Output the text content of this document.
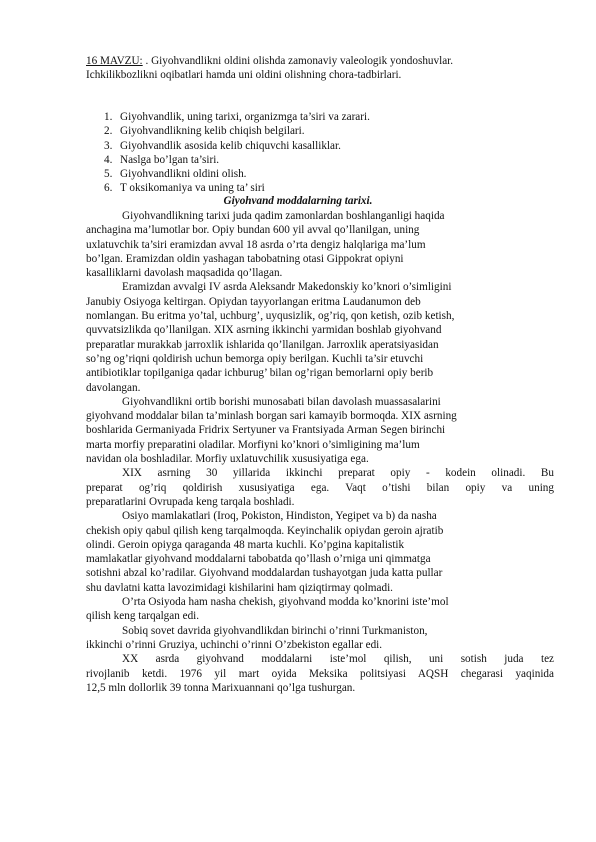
16 MAVZU: . Giyohvandlikni oldini olishda zamonaviy valeologik yondoshuvlar.
Ichkilikbozlikni oqibatlari hamda uni oldini olishning chora-tadbirlari.
1. Giyohvandlik, uning tarixi, organizmga ta’siri va zarari.
2. Giyohvandlikning kelib chiqish belgilari.
3. Giyohvandlik asosida kelib chiquvchi kasalliklar.
4. Naslga bo’lgan ta’siri.
5. Giyohvandlikni oldini olish.
6. T oksikomaniya va uning ta’ siri
Giyohvand moddalarning tarixi.
Giyohvandlikning tarixi juda qadim zamonlardan boshlanganligi haqida
anchagina ma’lumotlar bor. Opiy bundan 600 yil avval qo’llanilgan, uning
uxlatuvchik ta’siri eramizdan avval 18 asrda o’rta dengiz halqlariga ma’lum
bo’lgan. Eramizdan oldin yashagan tabobatning otasi Gippokrat opiyni
kasalliklarni davolash maqsadida qo’llagan.
Eramizdan avvalgi IV asrda Aleksandr Makedonskiy ko’knori o’simligini
Janubiy Osiyoga keltirgan. Opiydan tayyorlangan eritma Laudanumon deb
nomlangan. Bu eritma yo’tal, uchburg’, uyqusizlik, og’riq, qon ketish, ozib ketish,
quvvatsizlikda qo’llanilgan. XIX asrning ikkinchi yarmidan boshlab giyohvand
preparatlar murakkab jarroxlik ishlarida qo’llanilgan. Jarroxlik aperatsiyasidan
so’ng og’riqni qoldirish uchun bemorga opiy berilgan. Kuchli ta’sir etuvchi
antibiotiklar topilganiga qadar ichburug’ bilan og’rigan bemorlarni opiy berib
davolangan.
Giyohvandlikni ortib borishi munosabati bilan davolash muassasalarini
giyohvand moddalar bilan ta’minlash borgan sari kamayib bormoqda. XIX asrning
boshlarida Germaniyada Fridrix Sertyuner va Frantsiyada Arman Segen birinchi
marta morfiy preparatini oladilar. Morfiyni ko’knori o’simligining ma’lum
navidan ola boshladilar. Morfiy uxlatuvchilik xususiyatiga ega.
XIX asrning 30 yillarida ikkinchi preparat opiy - kodein olinadi. Bu
preparat og’riq qoldirish xususiyatiga ega. Vaqt o’tishi bilan opiy va uning
preparatlarini Ovrupada keng tarqala boshladi.
Osiyo mamlakatlari (Iroq, Pokiston, Hindiston, Yegipet va b) da nasha
chekish opiy qabul qilish keng tarqalmoqda. Keyinchalik opiydan geroin ajratib
olindi. Geroin opiyga qaraganda 48 marta kuchli. Ko’pgina kapitalistik
mamlakatlar giyohvand moddalarni tabobatda qo’llash o’rniga uni qimmatga
sotishni abzal ko’radilar. Giyohvand moddalardan tushayotgan juda katta pullar
shu davlatni katta lavozimidagi kishilarini ham qiziqtirmay qolmadi.
O’rta Osiyoda ham nasha chekish, giyohvand modda ko’knorini iste’mol
qilish keng tarqalgan edi.
Sobiq sovet davrida giyohvandlikdan birinchi o’rinni Turkmaniston,
ikkinchi o’rinni Gruziya, uchinchi o’rinni O’zbekiston egallar edi.
XX asrda giyohvand moddalarni iste’mol qilish, uni sotish juda tez
rivojlanib ketdi. 1976 yil mart oyida Meksika politsiyasi AQSH chegarasi yaqinida
12,5 mln dollorlik 39 tonna Marixuannani qo’lga tushurgan.
